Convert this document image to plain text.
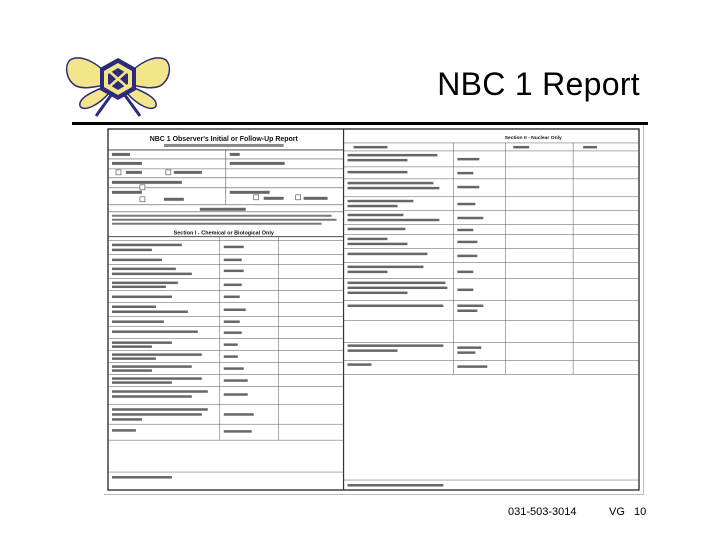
NBC 1 Report
NBC 1 Observer's Initial or Follow-Up Report
Section I - Chemical or Biological Only
Section II - Nuclear Only
031-503-3014	VG 10
